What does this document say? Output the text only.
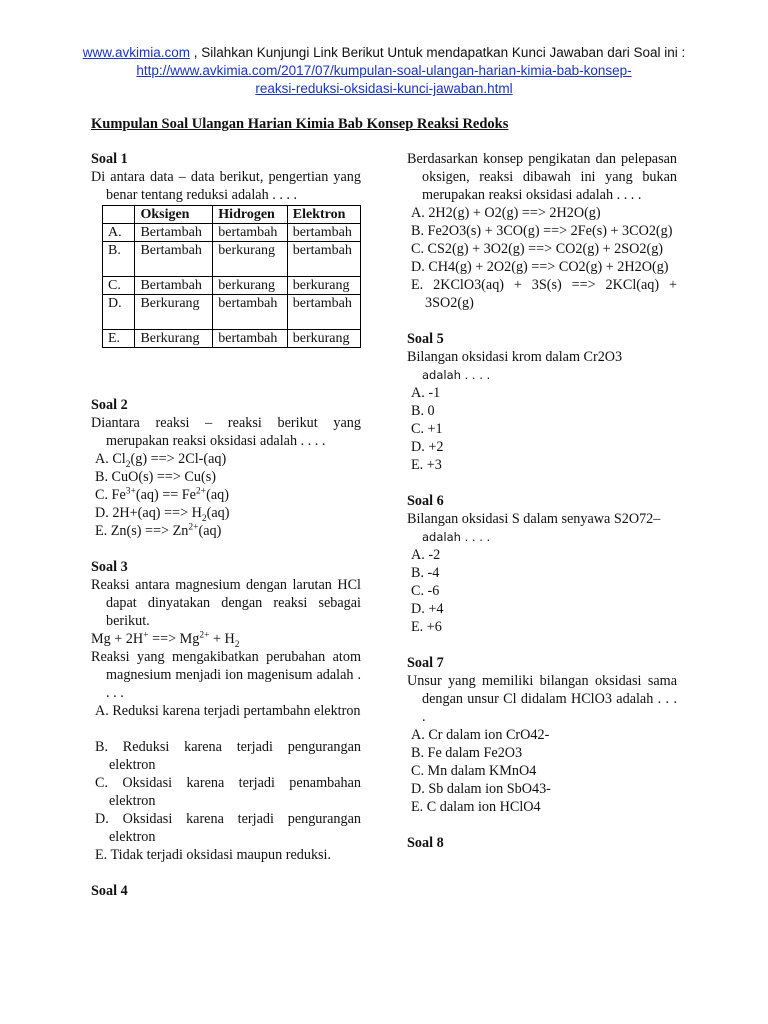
www.avkimia.com , Silahkan Kunjungi Link Berikut Untuk mendapatkan Kunci Jawaban dari Soal ini : http://www.avkimia.com/2017/07/kumpulan-soal-ulangan-harian-kimia-bab-konsep-
reaksi-reduksi-oksidasi-kunci-jawaban.html
Kumpulan Soal Ulangan Harian Kimia Bab Konsep Reaksi Redoks

Soal 1

Di antara data – data berikut, pengertian yang benar tentang reduksi adalah . . . .

	Oksigen	Hidrogen	Elektron
A.	Bertambah	bertambah	bertambah
B.	Bertambah	berkurang	bertambah
C.	Bertambah	berkurang	berkurang
D.	Berkurang	bertambah	bertambah
E.	Berkurang	bertambah	berkurang

Soal 2

Diantara reaksi – reaksi berikut yang merupakan reaksi oksidasi adalah . . . .

A. $Cl_2(g)$ ==> 2Cl-(aq)

B. CuO(s) ==> Cu(s)

C. $Fe^{3+}(aq) == Fe^{2+}(aq)$

D. 2H+(aq) ==> $H_2(aq)$

E. Zn(s) ==> $Zn^{2+}(aq)$

Soal 3

Reaksi antara magnesium dengan larutan HCl dapat dinyatakan dengan reaksi sebagai berikut.

Mg + 2H+ ==> $Mg^{2+} + H_2$

Reaksi yang mengakibatkan perubahan atom magnesium menjadi ion magenisum adalah . . . .

A. Reduksi karena terjadi pertambahn elektron

B. Reduksi karena terjadi pengurangan elektron

C. Oksidasi karena terjadi penambahan elektron

D. Oksidasi karena terjadi pengurangan elektron

E. Tidak terjadi oksidasi maupun reduksi.

Soal 4

Berdasarkan konsep pengikatan dan pelepasan oksigen, reaksi dibawah ini yang bukan merupakan reaksi oksidasi adalah . . . .

A. 2H2(g) + O2(g) ==> 2H2O(g)

B. Fe2O3(s) + 3CO(g) ==> 2Fe(s) + 3CO2(g)

C. CS2(g) + 3O2(g) ==> CO2(g) + 2SO2(g)

D. CH4(g) + 2O2(g) ==> CO2(g) + 2H2O(g)

E. 2KClO3(aq) + 3S(s) ==> 2KCl(aq) + 3SO2(g)

Soal 5

Bilangan oksidasi krom dalam Cr2O3

adalah . . . .

A. -1

B. 0

C. +1

D. +2

E. +3

Soal 6

Bilangan oksidasi S dalam senyawa S2O72–

adalah . . . .

A. -2

B. -4

C. -6

D. +4

E. +6

Soal 7

Unsur yang memiliki bilangan oksidasi sama dengan unsur Cl didalam HClO3 adalah . . . .

A. Cr dalam ion CrO42-

B. Fe dalam Fe2O3

C. Mn dalam KMnO4

D. Sb dalam ion SbO43-

E. C dalam ion HClO4

Soal 8
